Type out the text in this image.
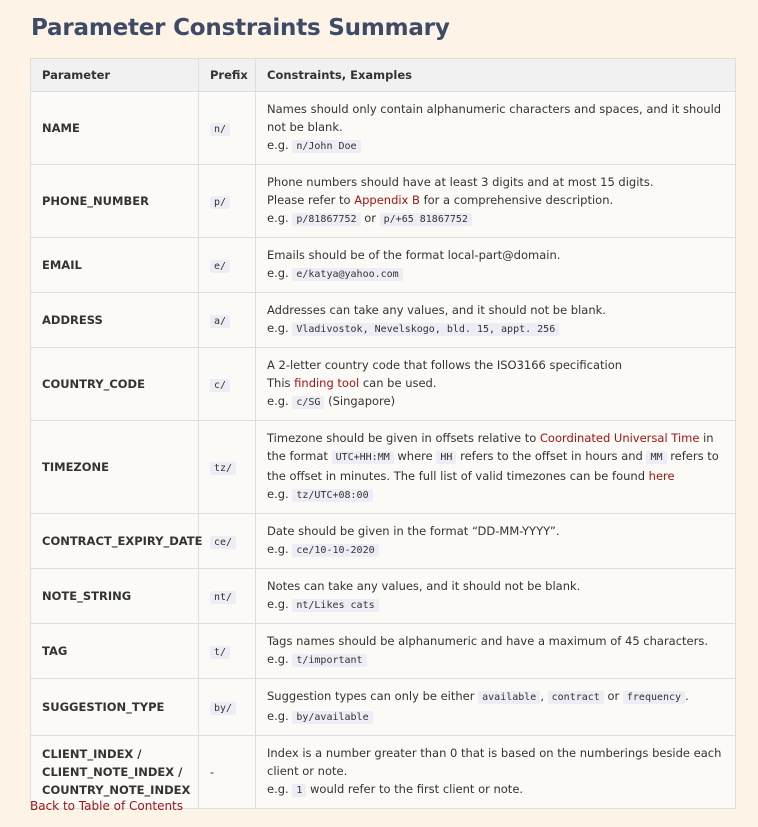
Parameter Constraints Summary
Parameter	Prefix	Constraints, Examples
NAME	n/	Names should only contain alphanumeric characters and spaces, and it should not be blank.
e.g. n/John Doe
PHONE_NUMBER	p/	Phone numbers should have at least 3 digits and at most 15 digits.
Please refer to Appendix B for a comprehensive description.
e.g. p/81867752 or p/+65 81867752
EMAIL	e/	Emails should be of the format local-part@domain.
e.g. e/katya@yahoo.com
ADDRESS	a/	Addresses can take any values, and it should not be blank.
e.g. Vladivostok, Nevelskogo, bld. 15, appt. 256
COUNTRY_CODE	c/	A 2-letter country code that follows the ISO3166 specification
This finding tool can be used.
e.g. c/SG (Singapore)
TIMEZONE	tz/	Timezone should be given in offsets relative to Coordinated Universal Time in the format UTC+HH:MM where HH refers to the offset in hours and MM refers to the offset in minutes. The full list of valid timezones can be found here
e.g. tz/UTC+08:00
CONTRACT_EXPIRY_DATE	ce/	Date should be given in the format “DD-MM-YYYY”.
e.g. ce/10-10-2020
NOTE_STRING	nt/	Notes can take any values, and it should not be blank.
e.g. nt/Likes cats
TAG	t/	Tags names should be alphanumeric and have a maximum of 45 characters.
e.g. t/important
SUGGESTION_TYPE	by/	Suggestion types can only be either available , contract or frequency .
e.g. by/available
CLIENT_INDEX /
CLIENT_NOTE_INDEX /
COUNTRY_NOTE_INDEX	-	Index is a number greater than 0 that is based on the numberings beside each client or note.
e.g. 1 would refer to the first client or note.
Back to Table of Contents
